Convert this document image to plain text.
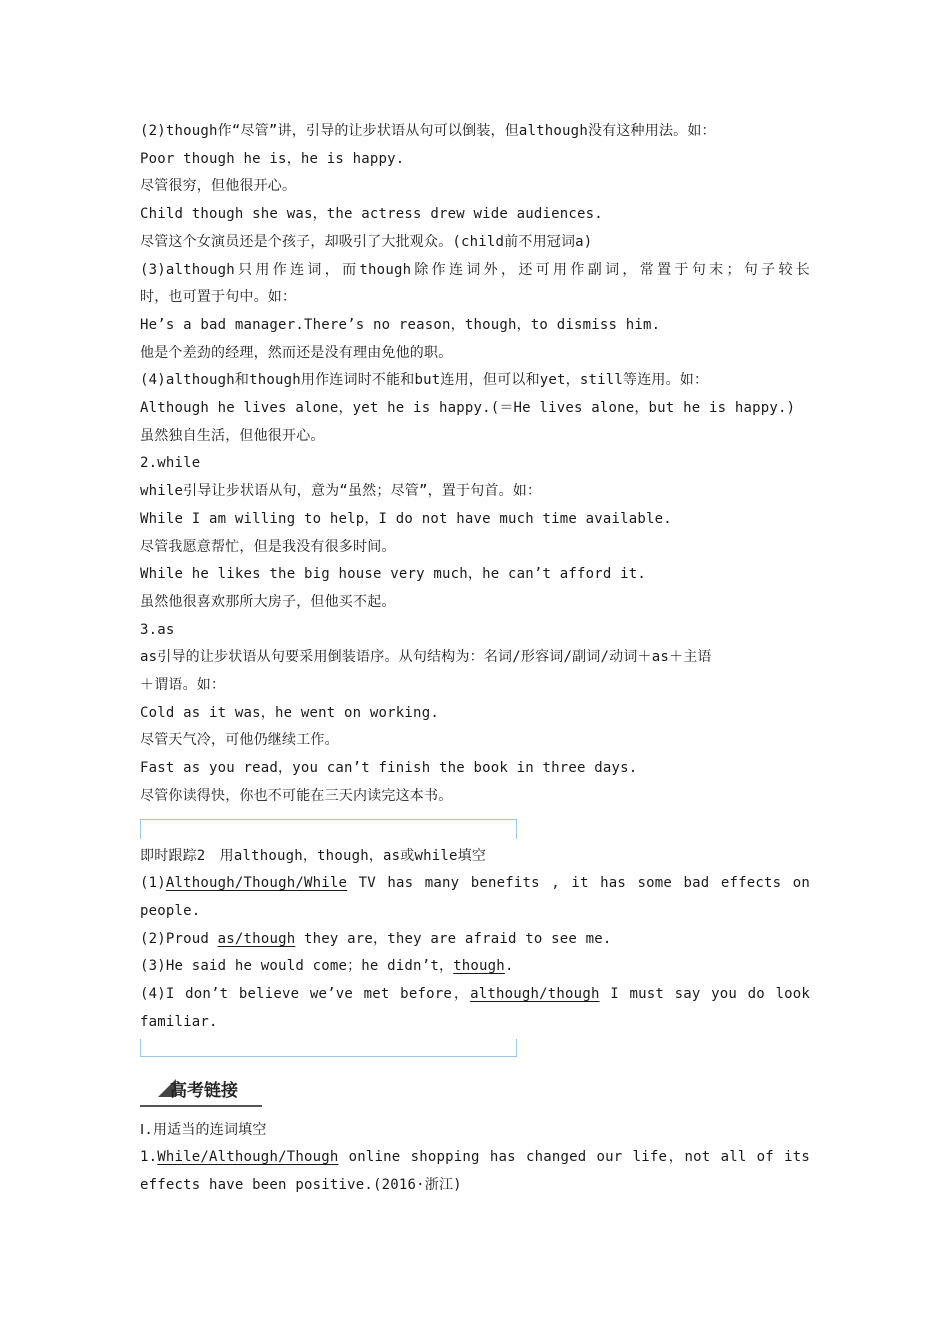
(2)though作“尽管”讲，引导的让步状语从句可以倒装，但although没有这种用法。如：
Poor though he is，he is happy.
尽管很穷，但他很开心。
Child though she was，the actress drew wide audiences.
尽管这个女演员还是个孩子，却吸引了大批观众。(child前不用冠词a)
(3)although只用作连词，而though除作连词外，还可用作副词，常置于句末；句子较长
时，也可置于句中。如：
He’s a bad manager.There’s no reason，though，to dismiss him.
他是个差劲的经理，然而还是没有理由免他的职。
(4)although和though用作连词时不能和but连用，但可以和yet，still等连用。如：
Although he lives alone，yet he is happy.(＝He lives alone，but he is happy.)
虽然独自生活，但他很开心。
2.while
while引导让步状语从句，意为“虽然；尽管”，置于句首。如：
While I am willing to help，I do not have much time available.
尽管我愿意帮忙，但是我没有很多时间。
While he likes the big house very much，he can’t afford it.
虽然他很喜欢那所大房子，但他买不起。
3.as
as引导的让步状语从句要采用倒装语序。从句结构为：名词/形容词/副词/动词＋as＋主语
＋谓语。如：
Cold as it was，he went on working.
尽管天气冷，可他仍继续工作。
Fast as you read，you can’t finish the book in three days.
尽管你读得快，你也不可能在三天内读完这本书。
即时跟踪2　用although，though，as或while填空
(1)Although/Though/While TV has many benefits , it has some bad effects on
people.
(2)Proud as/though they are，they are afraid to see me.
(3)He said he would come；he didn’t，though.
(4)I don’t believe we’ve met before，although/though I must say you do look
familiar.
高考链接
Ⅰ.用适当的连词填空
1.While/Although/Though online shopping has changed our life，not all of its
effects have been positive.(2016·浙江)
